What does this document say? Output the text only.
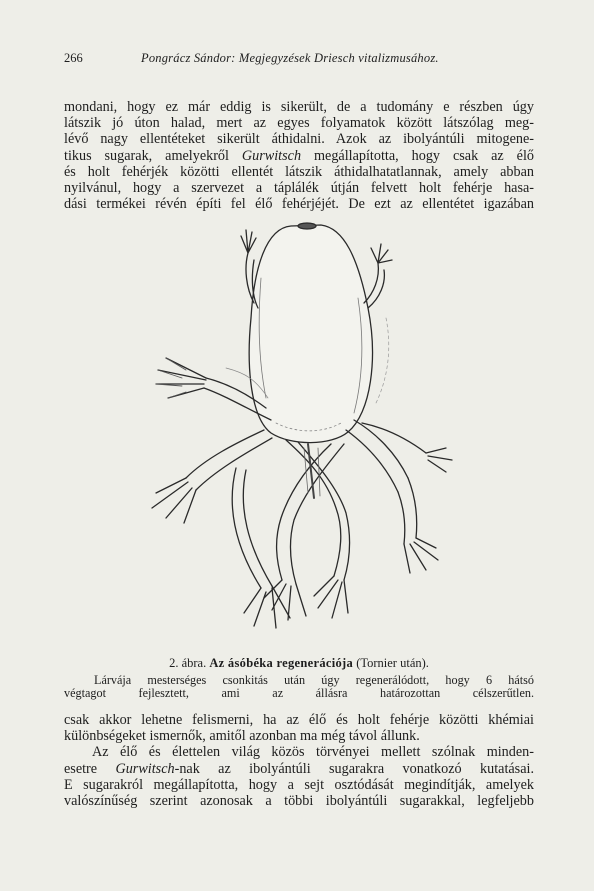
266	Pongrácz Sándor: Megjegyzések Driesch vitalizmusához.
mondani, hogy ez már eddig is sikerült, de a tudomány e részben úgy
látszik jó úton halad, mert az egyes folyamatok között látszólag meg-
lévő nagy ellentéteket sikerült áthidalni. Azok az ibolyántúli mitogene-
tikus sugarak, amelyekről Gurwitsch megállapította, hogy csak az élő
és holt fehérjék közötti ellentét látszik áthidalhatatlannak, amely abban
nyilvánul, hogy a szervezet a táplálék útján felvett holt fehérje hasa-
dási termékei révén építi fel élő fehérjéjét. De ezt az ellentétet igazában
2. ábra. Az ásóbéka regenerációja (Tornier után).
Lárvája mesterséges csonkitás után úgy regenerálódott, hogy 6 hátsó
végtagot fejlesztett, ami az állásra határozottan célszerűtlen.
csak akkor lehetne felismerni, ha az élő és holt fehérje közötti khémiai
különbségeket ismernők, amitől azonban ma még távol állunk.
Az élő és élettelen világ közös törvényei mellett szólnak minden-
esetre Gurwitsch-nak az ibolyántúli sugarakra vonatkozó kutatásai.
E sugarakról megállapította, hogy a sejt osztódását megindítják, amelyek
valószínűség szerint azonosak a többi ibolyántúli sugarakkal, legfeljebb
